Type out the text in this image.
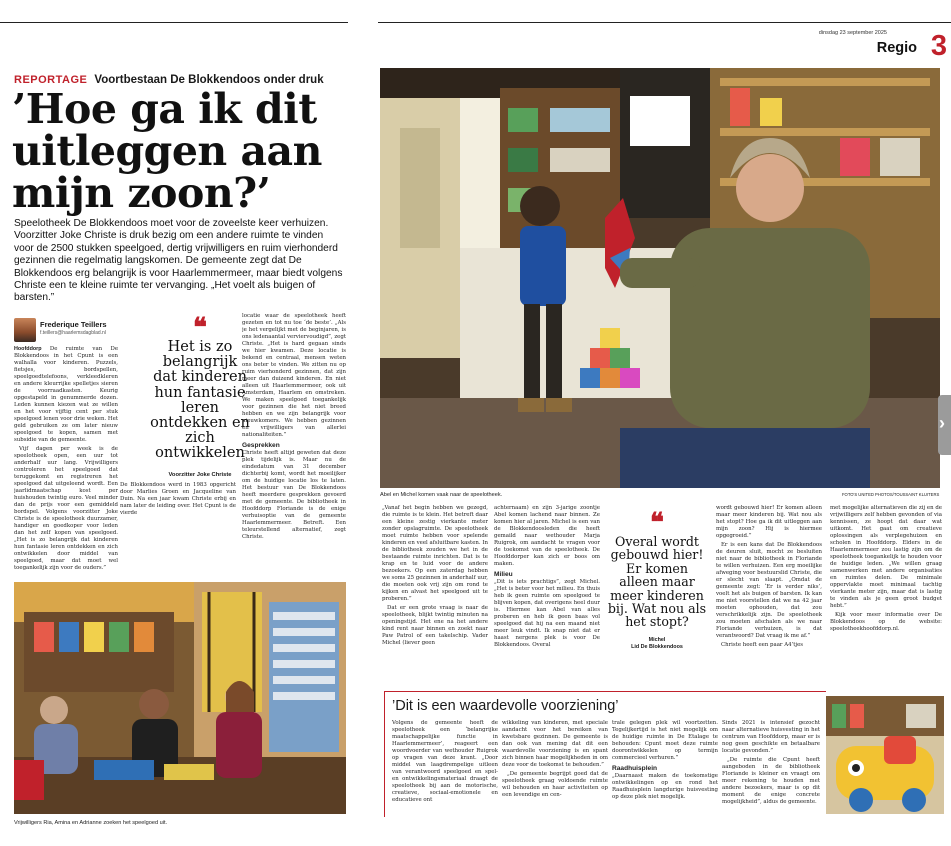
REPORTAGE Voortbestaan De Blokkendoos onder druk
’Hoe ga ik dit uitleggen aan mijn zoon?’
Speelotheek De Blokkendoos moet voor de zoveelste keer verhuizen. Voorzitter Joke Christe is druk bezig om een andere ruimte te vinden voor de 2500 stukken speelgoed, dertig vrijwilligers en ruim vierhonderd gezinnen die regelmatig langskomen. De gemeente zegt dat De Blokkendoos erg belangrijk is voor Haarlemmermeer, maar biedt volgens Christe een te kleine ruimte ter vervanging. „Het voelt als buigen of barsten.”
Frederique Teillers
f.teillers@haarlemsdagblad.nl

Hoofddorp De ruimte van De Blokkendoos in het Cpunt is een walhalla voor kinderen. Puzzels, fietsjes, bordspellen, speelgoedtelefoons, verkleedkleren en andere kleurrijke spelletjes sieren de voorraadkasten. Keurig opgestapeld in genummerde dozen. Leden kunnen kiezen wat ze willen en het voor vijftig cent per stuk speelgoed lenen voor drie weken. Het geld gebruiken ze om later nieuw speelgoed te kopen, samen met subsidie van de gemeente.

Vijf dagen per week is de speelotheek open, een uur tot anderhalf uur lang. Vrijwilligers controleren het speelgoed dat teruggekomt en registreren het speelgoed dat uitgeleend wordt. Een jaarlidmaatschap kost per huishouden twintig euro. Veel minder dan de prijs voor een gemiddeld bordspel. Volgens voorzitter Joke Christe is de speelotheek duurzamer, handiger en goedkoper voor leden dan het zelf kopen van speelgoed. „Het is zo belangrijk dat kinderen hun fantasie leren ontdekken en zich ontwikkelen door middel van speelgoed, maar dat moet wel toegankelijk zijn voor de ouders.”

❝
Het is zo belangrijk dat kinderen hun fantasie leren ontdekken en zich ontwikkelen
Voorzitter Joke Christe

De Blokkendoos werd in 1983 opgericht door Marlies Groen en Jacqueline van Duin. Na een jaar kwam Christe erbij en nam later de leiding over. Het Cpunt is de vierde

locatie waar de speelotheek heeft gezeten en tot nu toe ‘de beste’. „Als je het vergelijkt met de beginjaren, is ons ledenaantal verviervoudigd”, zegt Christe. „Het is hard gegaan sinds we hier kwamen. Deze locatie is bekend en centraal, mensen weten ons beter te vinden. We zitten nu op ruim vierhonderd gezinnen, dat zijn meer dan duizend kinderen. En niet alleen uit Haarlemmermeer, ook uit Amsterdam, Haarlem en omstreken. We maken speelgoed toegankelijk voor gezinnen die het niet breed hebben en we zijn belangrijk voor nieuwkomers. We hebben gezinnen en vrijwilligers van allerlei nationaliteiten.”

Gesprekken

Christe heeft altijd geweten dat deze plek tijdelijk is. Maar nu de eindedatum van 31 december dichterbij komt, wordt het moeilijker om de huidige locatie los te laten. Het bestuur van De Blokkendoos heeft meerdere gesprekken gevoerd met de gemeente. De bibliotheek in Hoofddorp Floriande is de enige verhuisoptie van de gemeente Haarlemmermeer. Betreft. Een teleurstellend alternatief, zegt Christe.

Vrijwilligers Ria, Amina en Adrianne zoeken het speelgoed uit.
dinsdag 23 september 2025
Regio 3
Abel en Michel komen vaak naar de speelotheek.	FOTO'S UNITED PHOTOS/TOUSSAINT KLUITERS

„Vanaf het begin hebben we gezegd, die ruimte is te klein. Het betreft daar een kleine zestig vierkante meter zonder opslagruimte. De speelotheek moet ruimte hebben voor spelende kinderen en veel afsluitbare kasten. In de bibliotheek zouden we het in de bestaande ruimte inrichten. Dat is te krap en te luid voor de andere bezoekers. Op een zaterdag hebben we soms 25 gezinnen in anderhalf uur, die moeten ook vrij zijn om rond te kijken en alvast het speelgoed uit te proberen.”

Dat er een grote vraag is naar de speelotheek, blijkt twintig minuten na openingstijd. Het ene na het andere kind rent naar binnen en zoekt naar Paw Patrol of een takelschip. Vader Michel (liever geen

achternaam) en zijn 3-jarige zoontje Abel komen lachend naar binnen. Ze komen hier al jaren. Michel is een van de Blokkendoosleden die heeft gemaild naar wethouder Marja Ruigrok, om aandacht te vragen voor de toekomst van de speelotheek. De Hoofddorper kan zich er boos om maken.

Milieu

„Dit is iets prachtigs”, zegt Michel. „Het is beter voor het milieu. En thuis heb ik geen ruimte om speelgoed te blijven kopen, dat overigens heel duur is. Hiermee kan Abel van alles proberen en heb ik geen baas vol speelgoed dat hij na een maand niet meer leuk vindt. Ik snap niet dat er haast nergens plek is voor De Blokkendoos. Overal

❝
Overal wordt gebouwd hier! Er komen alleen maar meer kinderen bij. Wat nou als het stopt?
Michel
Lid De Blokkendoos

wordt gebouwd hier! Er komen alleen maar meer kinderen bij. Wat nou als het stopt? Hoe ga ik dit uitleggen aan mijn zoon? Hij is hiermee opgegroeid.”

Er is een kans dat De Blokkendoos de deuren sluit, mocht ze besluiten niet naar de bibliotheek in Floriande te willen verhuizen. Een erg moeilijke afweging voor bestuurslid Christe, die er slecht van slaapt. „Omdat de gemeente zegt: ‘Er is verder niks’, voelt het als buigen of barsten. Ik kan me niet voorstellen dat we na 42 jaar moeten ophouden, dat zou verschrikkelijk zijn. De speelotheek zou moeten afschalen als we naar Floriande verhuizen, is dat verantwoord? Dat vraag ik me af.”

Christe heeft een paar A4’tjes

met mogelijke alternatieven die zij en de vrijwilligers zelf hebben gevonden of via kennissen, ze hoopt dat daar wat uitkomt. Het gaat om creatieve oplossingen als verplegehuizen en scholen in Hoofddorp. Elders in de Haarlemmermeer zou lastig zijn om de speelotheek toegankelijk te houden voor de huidige leden. „We willen graag samenwerken met andere organisaties en ruimtes delen. De minimale oppervlakte moet minimaal tachtig vierkante meter zijn, maar dat is lastig te vinden als je geen groot budget hebt.”

Kijk voor meer informatie over De Blokkendoos op de website: speelotheekhoofddorp.nl.

’Dit is een waardevolle voorziening’

Volgens de gemeente heeft de speelotheek een ‘belangrijke maatschappelijke functie in Haarlemmermeer’, reageert een woordvoerder van wethouder Ruigrok op vragen van deze krant. „Door middel van laagdrempelige uitleen van verantwoord speelgoed en spel- en ontwikkelingsmateriaal draagt de speelotheek bij aan de motorische, creatieve, sociaal-emotionele en educatieve ont

wikkeling van kinderen, met speciale aandacht voor het bereiken van kwetsbare gezinnen. De gemeente is dan ook van mening dat dit een waardevolle voorziening is en spant zich binnen haar mogelijkheden in om deze voor de toekomst te behouden.”

„De gemeente begrijpt goed dat de speelotheek graag voldoende ruimte wil behouden en haar activiteiten op een levendige en cen-

trale gelegen plek wil voortzetten. Tegelijkertijd is het niet mogelijk om de huidige ruimte in De Etalage te behouden: Cpunt moet deze ruimte doorontwikkelen op termijn commercieel verhuren.”

Raadhuisplein

„Daarnaast maken de toekomstige ontwikkelingen op en rond het Raadhuisplein langdurige huisvesting op deze plek niet mogelijk.

Sinds 2021 is intensief gezocht naar alternatieve huisvesting in het centrum van Hoofddorp, maar er is nog geen geschikte en betaalbare locatie gevonden.”

„De ruimte die Cpunt heeft aangeboden in de bibliotheek Floriande is kleiner en vraagt om meer rekening te houden met andere bezoekers, maar is op dit moment de enige concrete mogelijkheid”, aldus de gemeente.

›
